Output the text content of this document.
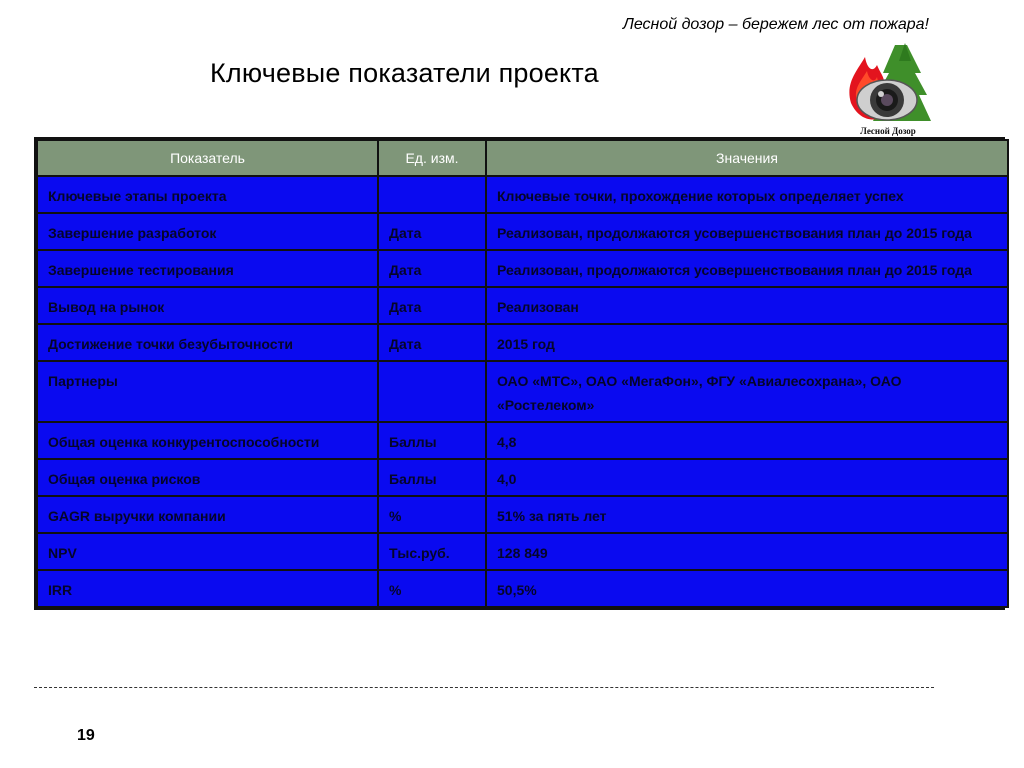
Лесной дозор – бережем лес от пожара!
Ключевые показатели проекта
Лесной Дозор
Показатель	Ед. изм.	Значения
Ключевые этапы проекта		Ключевые точки, прохождение которых определяет успех
Завершение разработок	Дата	Реализован, продолжаются усовершенствования план до 2015 года
Завершение тестирования	Дата	Реализован, продолжаются усовершенствования план до 2015 года
Вывод на рынок	Дата	Реализован
Достижение точки безубыточности	Дата	2015 год
Партнеры		ОАО «МТС», ОАО «МегаФон», ФГУ «Авиалесохрана», ОАО «Ростелеком»
Общая оценка конкурентоспособности	Баллы	4,8
Общая оценка рисков	Баллы	4,0
GAGR выручки компании	%	51% за пять лет
NPV	Тыс.руб.	128 849
IRR	%	50,5%
19
